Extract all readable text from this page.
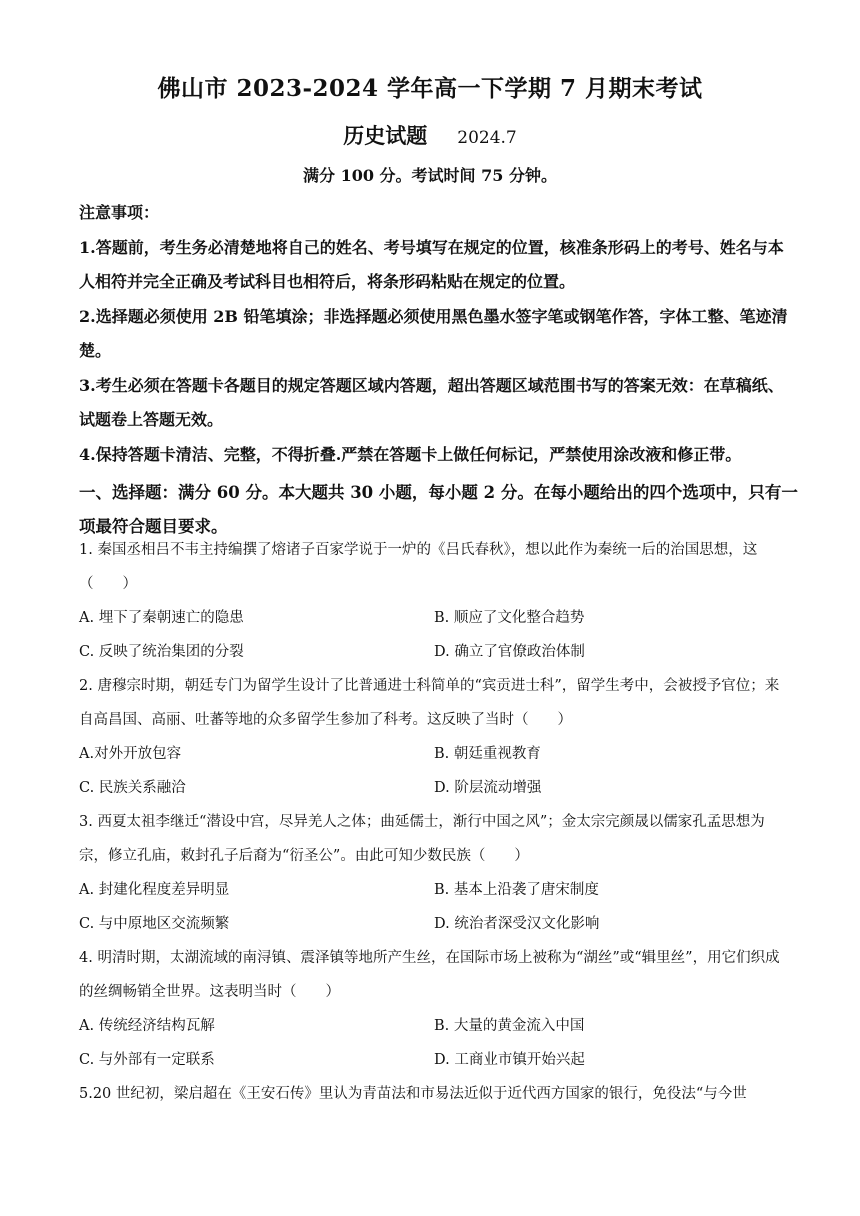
佛山市 2023-2024 学年高一下学期 7 月期末考试
历史试题 2024.7
满分 100 分。考试时间 75 分钟。

注意事项：

1.答题前，考生务必清楚地将自己的姓名、考号填写在规定的位置，核准条形码上的考号、姓名与本人相符并完全正确及考试科目也相符后，将条形码粘贴在规定的位置。

2.选择题必须使用 2B 铅笔填涂；非选择题必须使用黑色墨水签字笔或钢笔作答，字体工整、笔迹清楚。

3.考生必须在答题卡各题目的规定答题区域内答题，超出答题区域范围书写的答案无效：在草稿纸、试题卷上答题无效。

4.保持答题卡清洁、完整，不得折叠.严禁在答题卡上做任何标记，严禁使用涂改液和修正带。

一、选择题：满分 60 分。本大题共 30 小题，每小题 2 分。在每小题给出的四个选项中，只有一项最符合题目要求。

1. 秦国丞相吕不韦主持编撰了熔诸子百家学说于一炉的《吕氏春秋》，想以此作为秦统一后的治国思想，这（　　）

A. 埋下了秦朝速亡的隐患	B. 顺应了文化整合趋势
C. 反映了统治集团的分裂	D. 确立了官僚政治体制

2. 唐穆宗时期，朝廷专门为留学生设计了比普通进士科简单的“宾贡进士科”，留学生考中，会被授予官位；来自高昌国、高丽、吐蕃等地的众多留学生参加了科考。这反映了当时（　　）

A.对外开放包容	B. 朝廷重视教育
C. 民族关系融洽	D. 阶层流动增强

3. 西夏太祖李继迁“潜设中宫，尽异羌人之体；曲延儒士，渐行中国之风”；金太宗完颜晟以儒家孔孟思想为宗，修立孔庙，敕封孔子后裔为“衍圣公”。由此可知少数民族（　　）

A. 封建化程度差异明显	B. 基本上沿袭了唐宋制度
C. 与中原地区交流频繁	D. 统治者深受汉文化影响

4. 明清时期，太湖流域的南浔镇、震泽镇等地所产生丝，在国际市场上被称为“湖丝”或“辑里丝”，用它们织成的丝绸畅销全世界。这表明当时（　　）

A. 传统经济结构瓦解	B. 大量的黄金流入中国
C. 与外部有一定联系	D. 工商业市镇开始兴起

5.20 世纪初，梁启超在《王安石传》里认为青苗法和市易法近似于近代西方国家的银行，免役法“与今世
